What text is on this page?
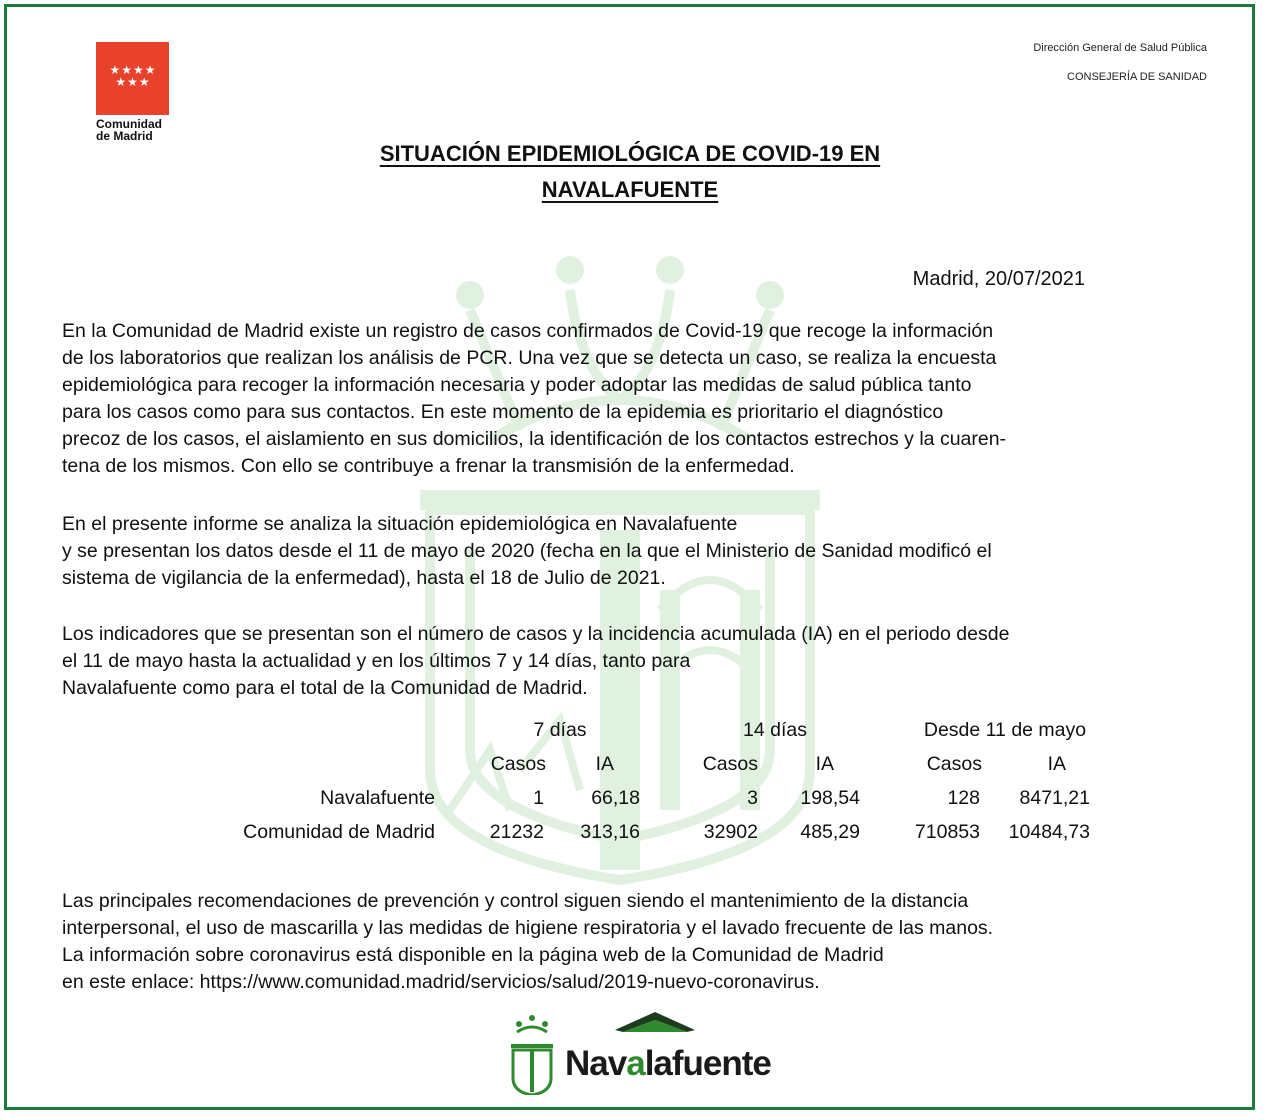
★★★★
★★★
Comunidad
de Madrid
Dirección General de Salud Pública
CONSEJERÍA DE SANIDAD
SITUACIÓN EPIDEMIOLÓGICA DE COVID-19 EN
NAVALAFUENTE
Madrid, 20/07/2021
En la Comunidad de Madrid existe un registro de casos confirmados de Covid-19 que recoge la información
de los laboratorios que realizan los análisis de PCR. Una vez que se detecta un caso, se realiza la encuesta
epidemiológica para recoger la información necesaria y poder adoptar las medidas de salud pública tanto
para los casos como para sus contactos. En este momento de la epidemia es prioritario el diagnóstico
precoz de los casos, el aislamiento en sus domicilios, la identificación de los contactos estrechos y la cuaren-
tena de los mismos. Con ello se contribuye a frenar la transmisión de la enfermedad.
En el presente informe se analiza la situación epidemiológica en Navalafuente
y se presentan los datos desde el 11 de mayo de 2020 (fecha en la que el Ministerio de Sanidad modificó el
sistema de vigilancia de la enfermedad), hasta el 18 de Julio de 2021.
Los indicadores que se presentan son el número de casos y la incidencia acumulada (IA) en el periodo desde
el 11 de mayo hasta la actualidad y en los últimos 7 y 14 días, tanto para
Navalafuente como para el total de la Comunidad de Madrid.
7 días	14 días	Desde 11 de mayo
Casos	IA	Casos	IA	Casos	IA
Navalafuente	1	66,18	3	198,54	128	8471,21
Comunidad de Madrid	21232	313,16	32902	485,29	710853	10484,73
Las principales recomendaciones de prevención y control siguen siendo el mantenimiento de la distancia
interpersonal, el uso de mascarilla y las medidas de higiene respiratoria y el lavado frecuente de las manos.
La información sobre coronavirus está disponible en la página web de la Comunidad de Madrid
en este enlace: https://www.comunidad.madrid/servicios/salud/2019-nuevo-coronavirus.
Navalafuente
